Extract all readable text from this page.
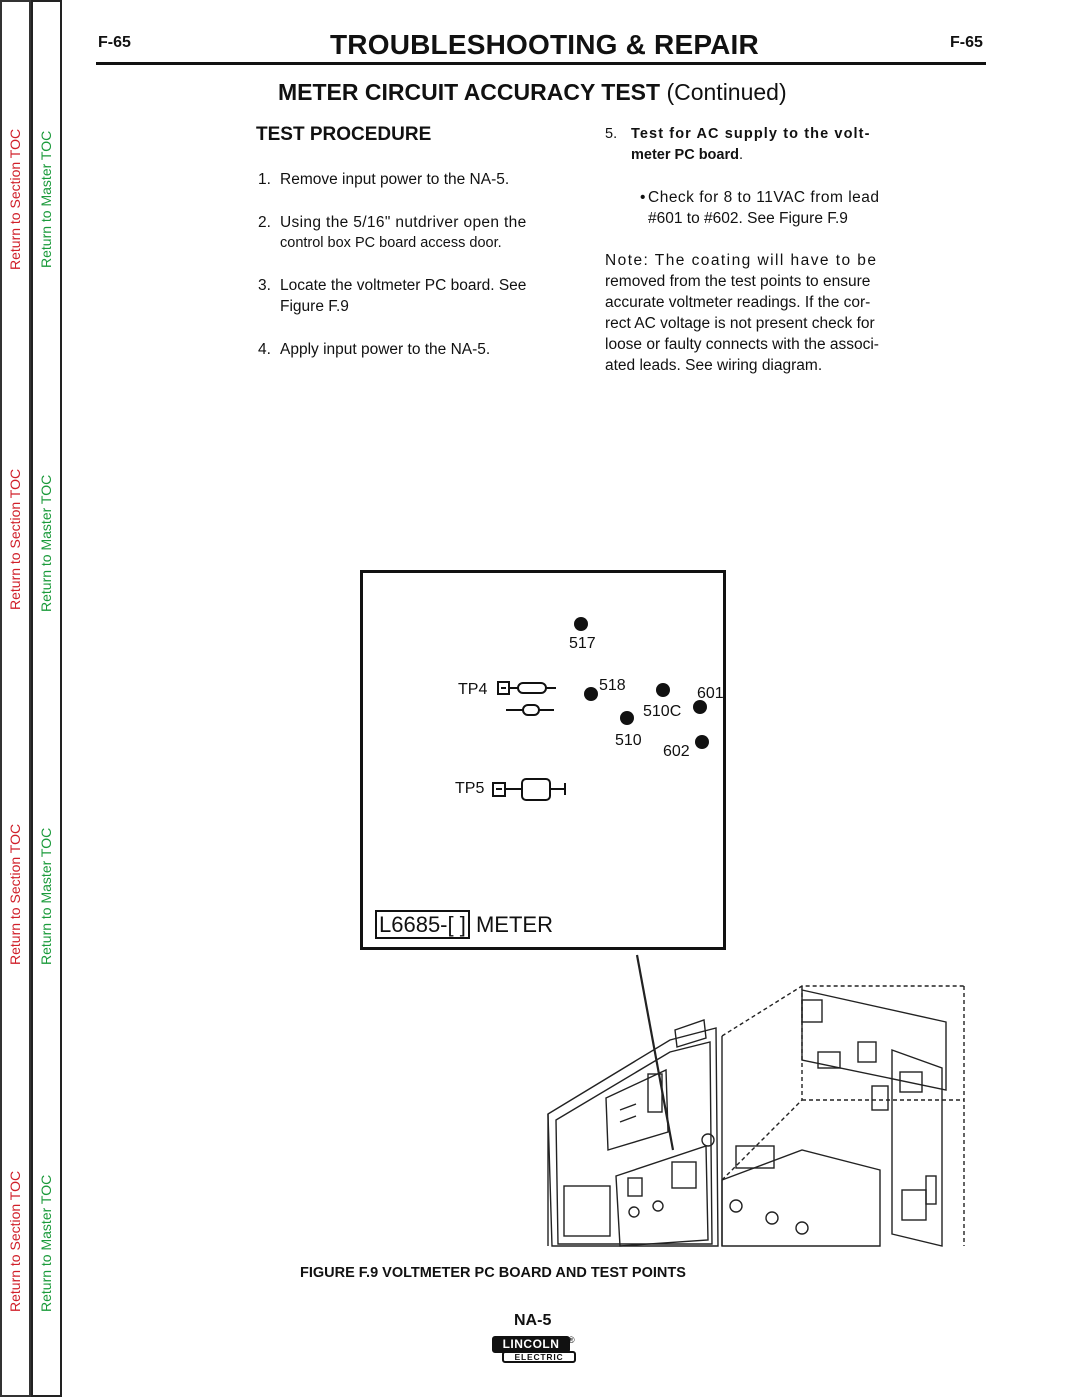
Return to Section TOC
Return to Section TOC
Return to Section TOC
Return to Section TOC
Return to Master TOC
Return to Master TOC
Return to Master TOC
Return to Master TOC
F-65	TROUBLESHOOTING & REPAIR	F-65
METER CIRCUIT ACCURACY TEST (Continued)
TEST PROCEDURE
1. Remove input power to the NA-5.
2. Using the 5/16" nutdriver open the
control box PC board access door.
3. Locate the voltmeter PC board. See
Figure F.9
4. Apply input power to the NA-5.
5. Test for AC supply to the volt-
meter PC board.
• Check for 8 to 11VAC from lead
#601 to #602. See Figure F.9
Note: The coating will have to be
removed from the test points to ensure
accurate voltmeter readings. If the cor-
rect AC voltage is not present check for
loose or faulty connects with the associ-
ated leads. See wiring diagram.
517
TP4	518	601
510C
510
602
TP5
L6685-[ ] METER
FIGURE F.9 VOLTMETER PC BOARD AND TEST POINTS
NA-5
LINCOLN ®
ELECTRIC
